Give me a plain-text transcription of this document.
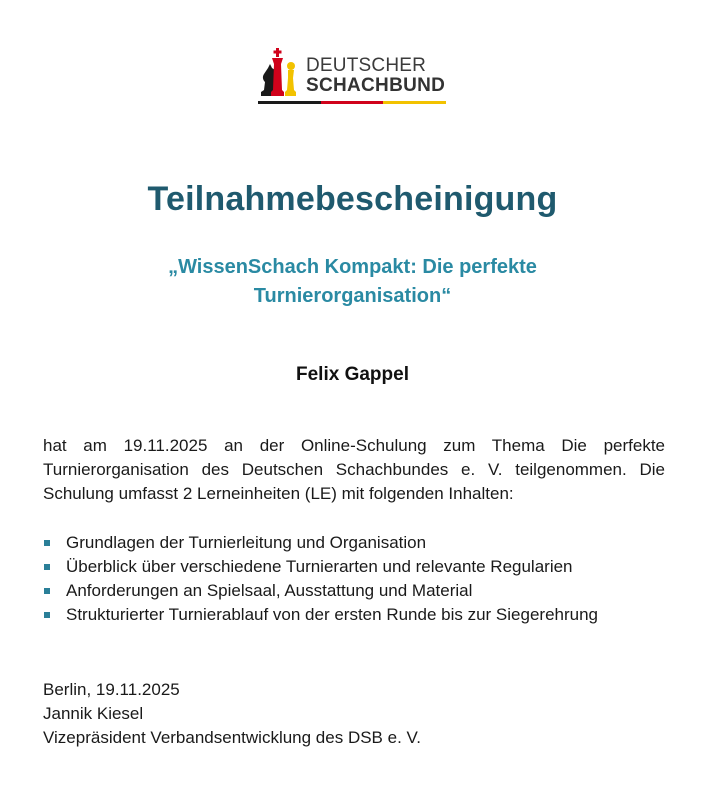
DEUTSCHER
SCHACHBUND
Teilnahmebescheinigung
„WissenSchach Kompakt: Die perfekte
Turnierorganisation“
Felix Gappel
hat am 19.11.2025 an der Online-Schulung zum Thema Die perfekte Turnierorganisation des Deutschen Schachbundes e. V. teilgenommen. Die Schulung umfasst 2 Lerneinheiten (LE) mit folgenden Inhalten:
Grundlagen der Turnierleitung und Organisation
Überblick über verschiedene Turnierarten und relevante Regularien
Anforderungen an Spielsaal, Ausstattung und Material
Strukturierter Turnierablauf von der ersten Runde bis zur Siegerehrung
Berlin, 19.11.2025
Jannik Kiesel
Vizepräsident Verbandsentwicklung des DSB e. V.
